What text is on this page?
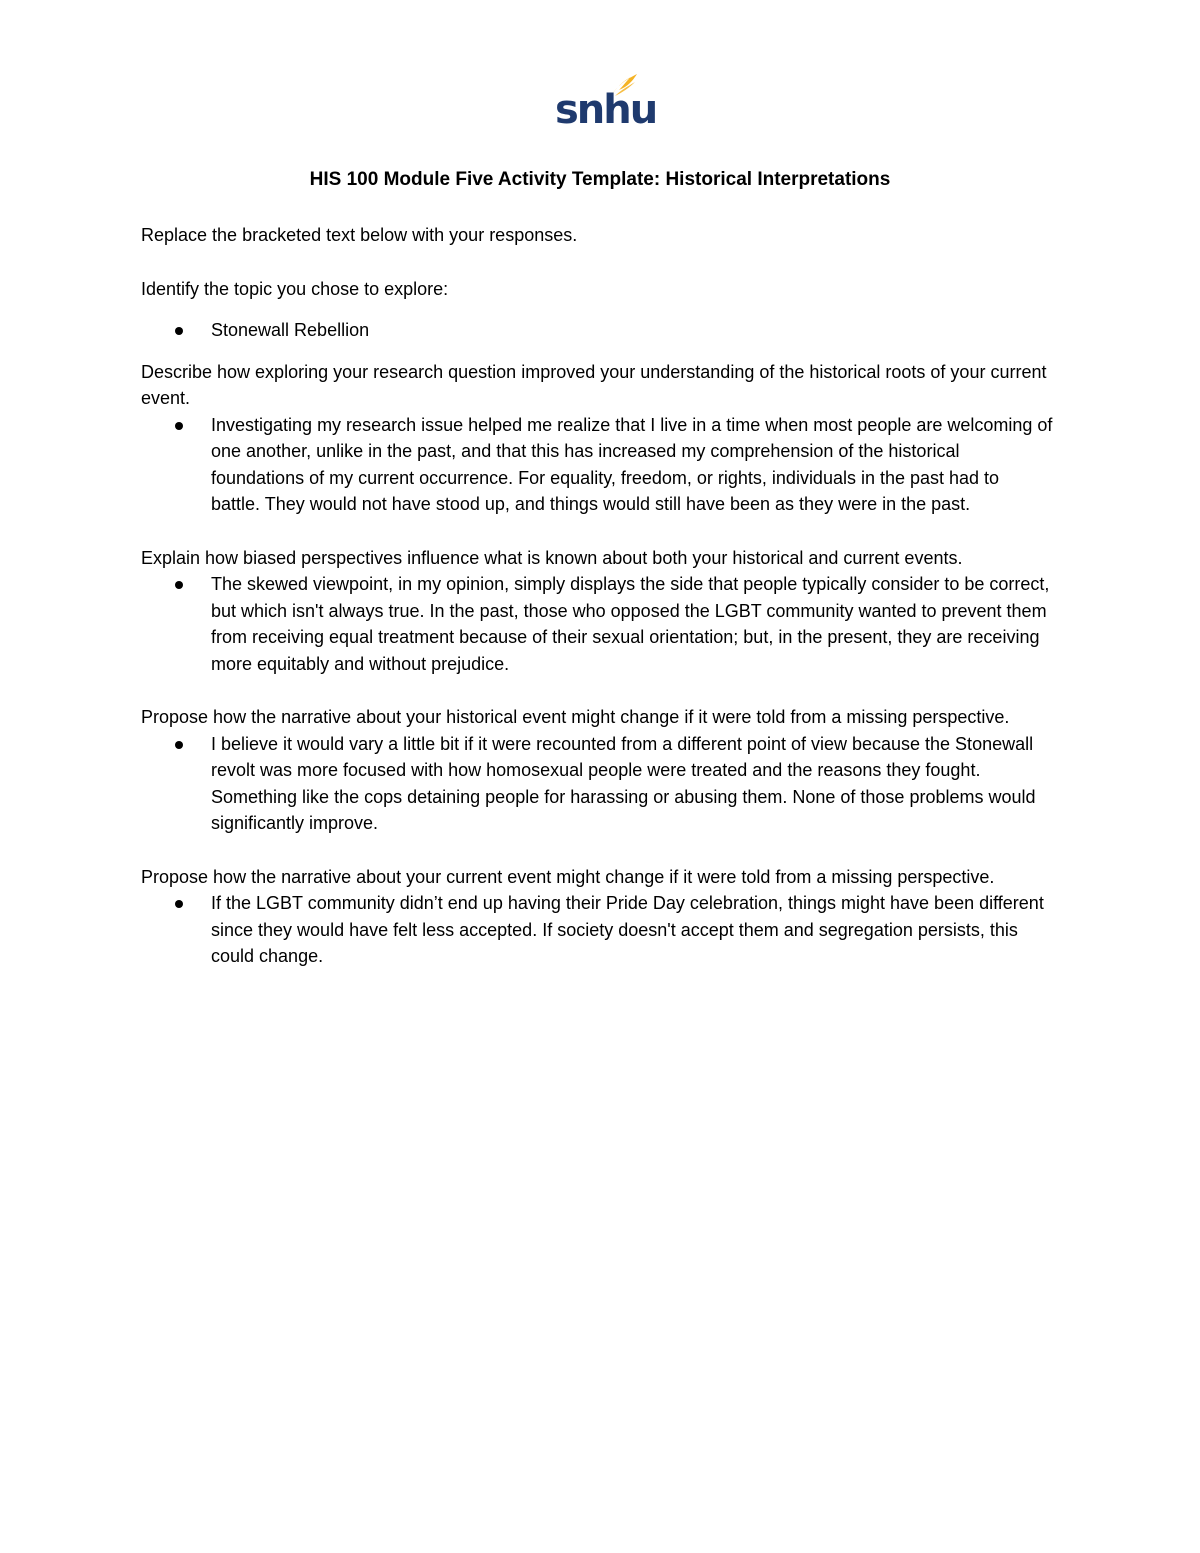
snhu
HIS 100 Module Five Activity Template: Historical Interpretations

Replace the bracketed text below with your responses.

Identify the topic you chose to explore:

Stonewall Rebellion

Describe how exploring your research question improved your understanding of the historical roots of your current event.

Investigating my research issue helped me realize that I live in a time when most people are welcoming of one another, unlike in the past, and that this has increased my comprehension of the historical foundations of my current occurrence. For equality, freedom, or rights, individuals in the past had to battle. They would not have stood up, and things would still have been as they were in the past.

Explain how biased perspectives influence what is known about both your historical and current events.

The skewed viewpoint, in my opinion, simply displays the side that people typically consider to be correct, but which isn't always true. In the past, those who opposed the LGBT community wanted to prevent them from receiving equal treatment because of their sexual orientation; but, in the present, they are receiving more equitably and without prejudice.

Propose how the narrative about your historical event might change if it were told from a missing perspective.

I believe it would vary a little bit if it were recounted from a different point of view because the Stonewall revolt was more focused with how homosexual people were treated and the reasons they fought. Something like the cops detaining people for harassing or abusing them. None of those problems would significantly improve.

Propose how the narrative about your current event might change if it were told from a missing perspective.

If the LGBT community didn’t end up having their Pride Day celebration, things might have been different since they would have felt less accepted. If society doesn't accept them and segregation persists, this could change.
